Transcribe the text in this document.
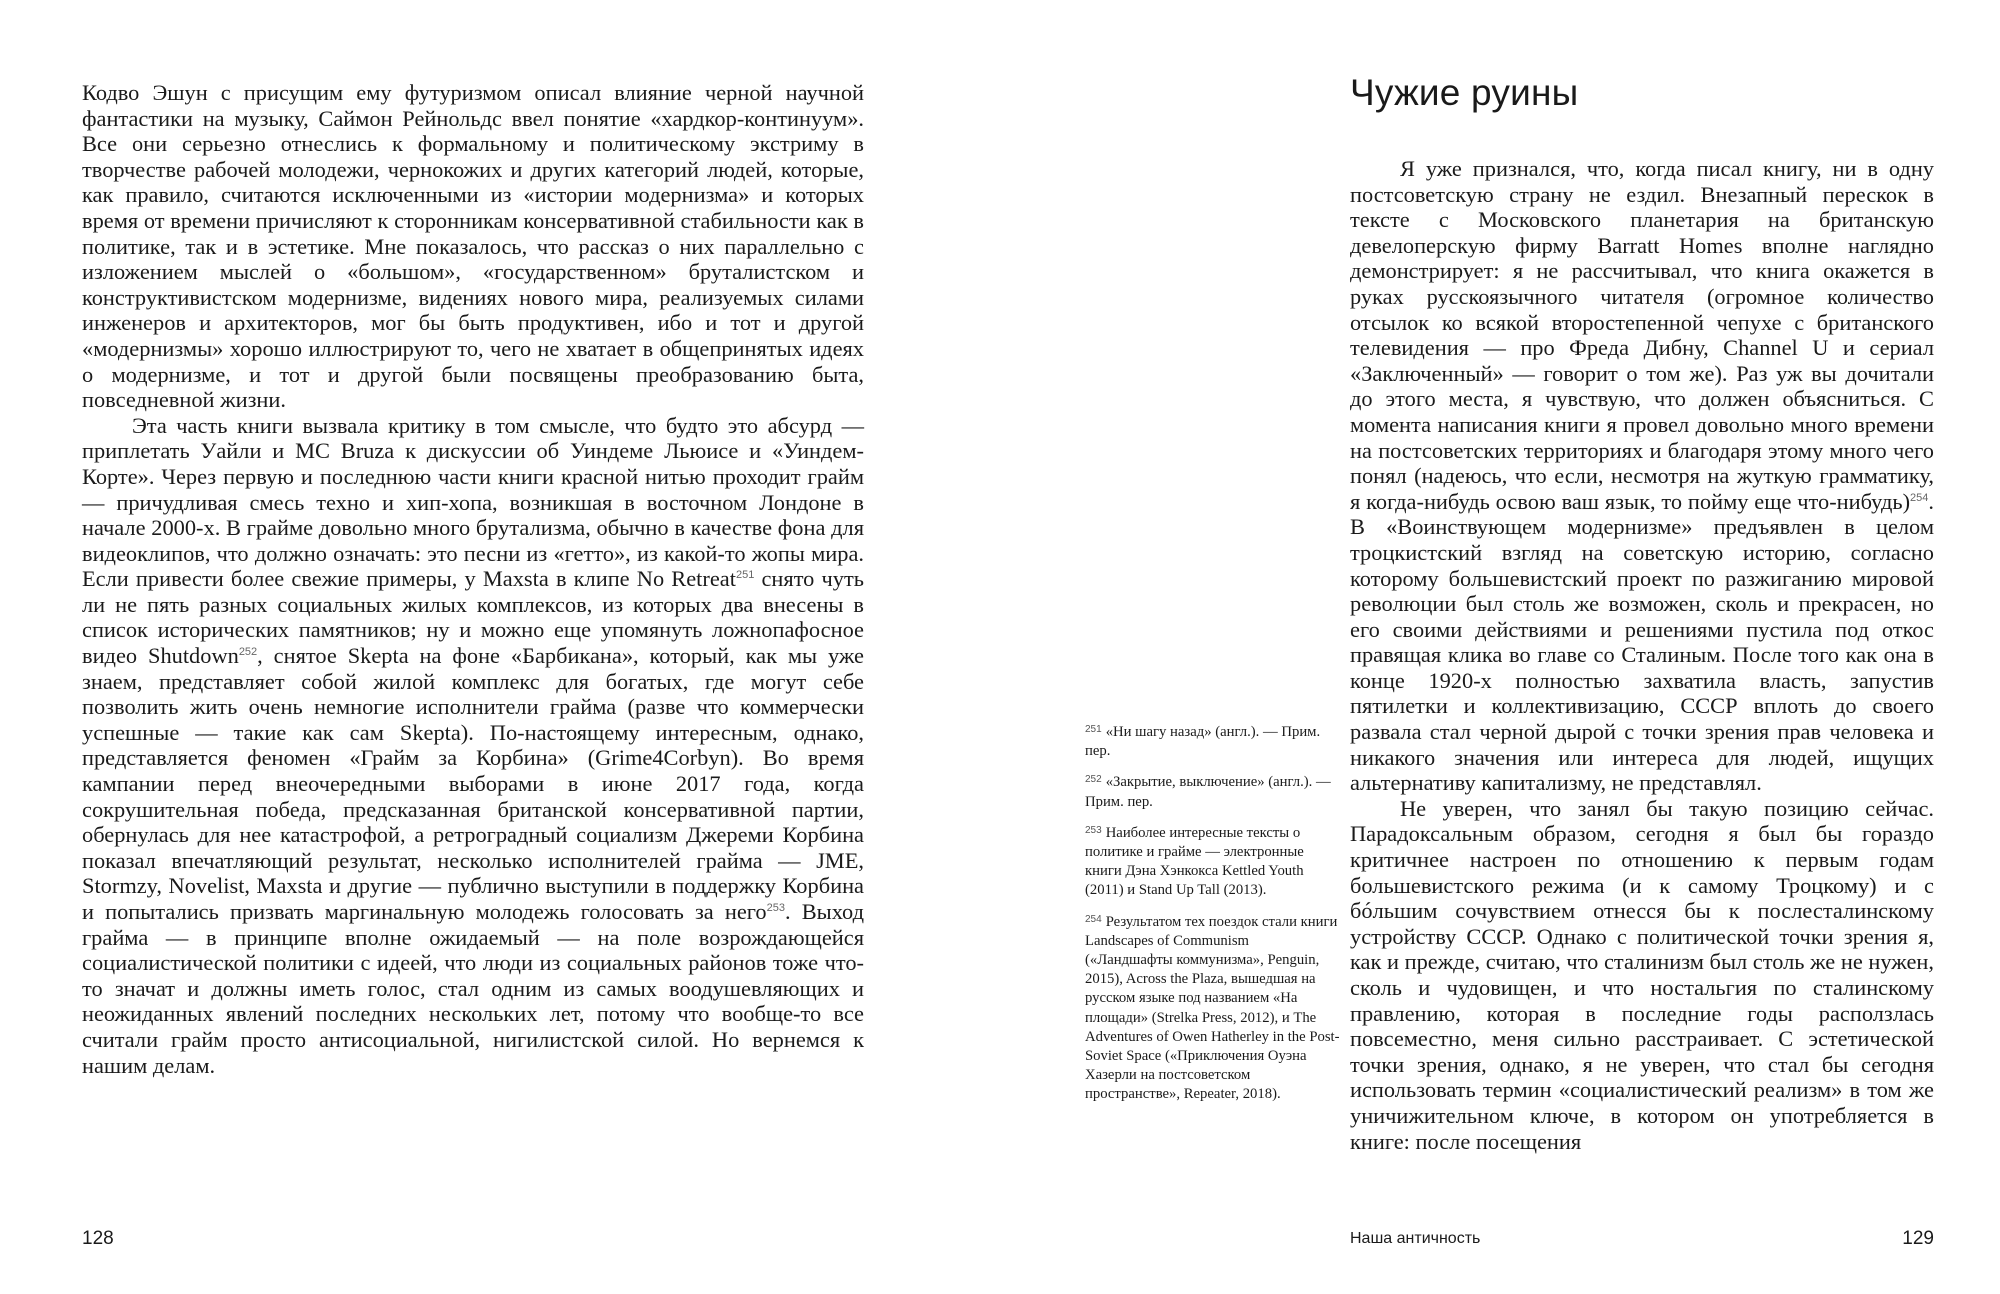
Кодво Эшун с присущим ему футуризмом описал влияние черной научной фантастики на музыку, Саймон Рейнольдс ввел понятие «хардкор-континуум». Все они серьезно отнеслись к формальному и политическому экстриму в творчестве рабочей молодежи, чернокожих и других категорий людей, которые, как правило, считаются исключенными из «истории модернизма» и которых время от времени причисляют к сторонникам консервативной стабильности как в политике, так и в эстетике. Мне показалось, что рассказ о них параллельно с изложением мыслей о «большом», «государственном» бруталистском и конструктивистском модернизме, видениях нового мира, реализуемых силами инженеров и архитекторов, мог бы быть продуктивен, ибо и тот и другой «модернизмы» хорошо иллюстрируют то, чего не хватает в общепринятых идеях о модернизме, и тот и другой были посвящены преобразованию быта, повседневной жизни.

Эта часть книги вызвала критику в том смысле, что будто это абсурд — приплетать Уайли и MC Bruza к дискуссии об Уиндеме Льюисе и «Уиндем-Корте». Через первую и последнюю части книги красной нитью проходит грайм — причудливая смесь техно и хип-хопа, возникшая в восточном Лондоне в начале 2000-х. В грайме довольно много брутализма, обычно в качестве фона для видеоклипов, что должно означать: это песни из «гетто», из какой-то жопы мира. Если привести более свежие примеры, у Maxsta в клипе No Retreat$^{251}$ снято чуть ли не пять разных социальных жилых комплексов, из которых два внесены в список исторических памятников; ну и можно еще упомянуть ложнопафосное видео Shutdown$^{252}$, снятое Skepta на фоне «Барбикана», который, как мы уже знаем, представляет собой жилой комплекс для богатых, где могут себе позволить жить очень немногие исполнители грайма (разве что коммерчески успешные — такие как сам Skepta). По-настоящему интересным, однако, представляется феномен «Грайм за Корбина» (Grime4Corbyn). Во время кампании перед внеочередными выборами в июне 2017 года, когда сокрушительная победа, предсказанная британской консервативной партии, обернулась для нее катастрофой, а ретроградный социализм Джереми Корбина показал впечатляющий результат, несколько исполнителей грайма — JME, Stormzy, Novelist, Maxsta и другие — публично выступили в поддержку Корбина и попытались призвать маргинальную молодежь голосовать за него$^{253}$. Выход грайма — в принципе вполне ожидаемый — на поле возрождающейся социалистической политики с идеей, что люди из социальных районов тоже что-то значат и должны иметь голос, стал одним из самых воодушевляющих и неожиданных явлений последних нескольких лет, потому что вообще-то все считали грайм просто антисоциальной, нигилистской силой. Но вернемся к нашим делам.

128
Чужие руины

Я уже признался, что, когда писал книгу, ни в одну постсоветскую страну не ездил. Внезапный перескок в тексте с Московского планетария на британскую девелоперскую фирму Barratt Homes вполне наглядно демонстрирует: я не рассчитывал, что книга окажется в руках русскоязычного читателя (огромное количество отсылок ко всякой второстепенной чепухе с британского телевидения — про Фреда Дибну, Channel U и сериал «Заключенный» — говорит о том же). Раз уж вы дочитали до этого места, я чувствую, что должен объясниться. С момента написания книги я провел довольно много времени на постсоветских территориях и благодаря этому много чего понял (надеюсь, что если, несмотря на жуткую грамматику, я когда-нибудь освою ваш язык, то пойму еще что-нибудь)$^{254}$. В «Воинствующем модернизме» предъявлен в целом троцкистский взгляд на советскую историю, согласно которому большевистский проект по разжиганию мировой революции был столь же возможен, сколь и прекрасен, но его своими действиями и решениями пустила под откос правящая клика во главе со Сталиным. После того как она в конце 1920-х полностью захватила власть, запустив пятилетки и коллективизацию, СССР вплоть до своего развала стал черной дырой с точки зрения прав человека и никакого значения или интереса для людей, ищущих альтернативу капитализму, не представлял.

Не уверен, что занял бы такую позицию сейчас. Парадоксальным образом, сегодня я был бы гораздо критичнее настроен по отношению к первым годам большевистского режима (и к самому Троцкому) и с бóльшим сочувствием отнесся бы к послесталинскому устройству СССР. Однако с политической точки зрения я, как и прежде, считаю, что сталинизм был столь же не нужен, сколь и чудовищен, и что ностальгия по сталинскому правлению, которая в последние годы расползлась повсеместно, меня сильно расстраивает. С эстетической точки зрения, однако, я не уверен, что стал бы сегодня использовать термин «социалистический реализм» в том же уничижительном ключе, в котором он употребляется в книге: после посещения

$^{251}$ «Ни шагу назад» (англ.). — Прим. пер.

$^{252}$ «Закрытие, выключение» (англ.). — Прим. пер.

$^{253}$ Наиболее интересные тексты о политике и грайме — электронные книги Дэна Хэнкокса Kettled Youth (2011) и Stand Up Tall (2013).

$^{254}$ Результатом тех поездок стали книги Landscapes of Communism («Ландшафты коммунизма», Penguin, 2015), Across the Plaza, вышедшая на русском языке под названием «На площади» (Strelka Press, 2012), и The Adventures of Owen Hatherley in the Post-Soviet Space («Приключения Оуэна Хазерли на постсоветском пространстве», Repeater, 2018).

Наша античность	129
